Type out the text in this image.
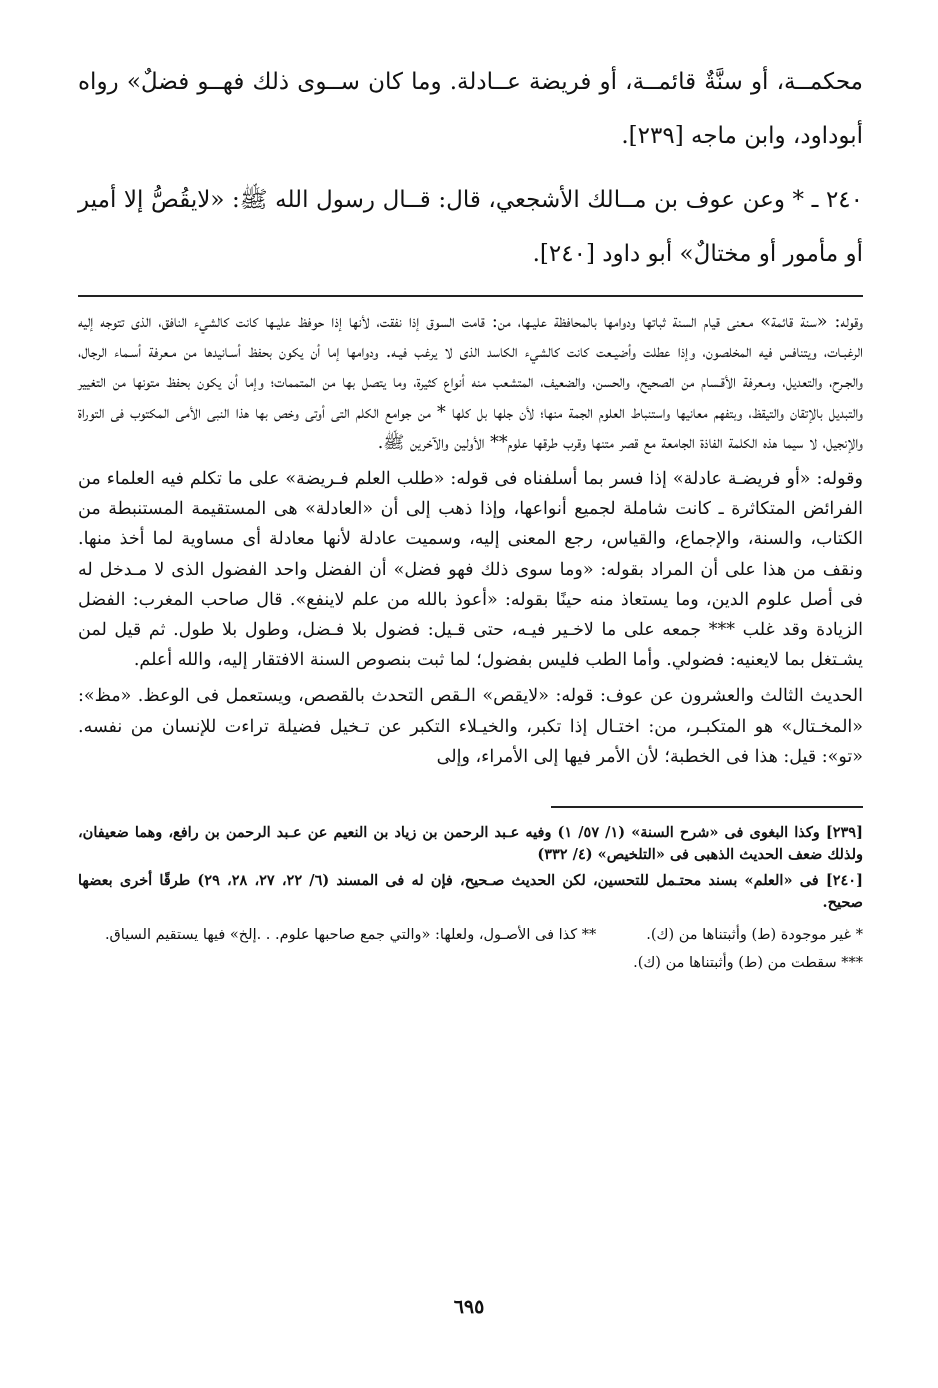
محكمــة، أو سنَّةٌ قائمــة، أو فريضة عــادلة. وما كان ســوى ذلك فهــو فضلٌ» رواه أبوداود، وابن ماجه [٢٣٩].

٢٤٠ ـ * وعن عوف بن مــالك الأشجعي، قال: قــال رسول الله ﷺ: «لايقُصُّ إلا أمير أو مأمور أو مختالٌ» أبو داود [٢٤٠].

وقوله: «سنة قائمة» مـعنى قيام السنة ثباتها ودوامها بالمحافظة عليـها، من: قامت السوق إذا نفقت، لأنها إذا حوفظ عليـها كانت كالشيء النافق، الذى تتوجه إليه الرغبـات، ويتنافس فيه المخلصون، وإذا عطلت وأضيـعت كانت كالشيء الكاسد الذى لا يرغب فيـه. ودوامها إما أن يكون بحفظ أسـانيدها من مـعرفة أسـماء الرجال، والجـرح، والتعديل، ومـعرفة الأقـسام من الصحيح، والحسن، والضعيف، المتشعب منه أنواع كثيرة، وما يتصل بها من المتممات؛ وإما أن يكون بحفظ متونها من التغيير والتبديل بالإتقان والتيقظ، وبتفهم معانيها واستنباط العلوم الجمة منها؛ لأن جلها بل كلها * من جوامع الكلم التى أوتى وخص بها هذا النبى الأمى المكتوب فى التوراة والإنجيل، لا سيما هذه الكلمة الفاذة الجامعة مع قصر متنها وقرب طرقها علوم** الأولين والآخرين ﷺ.

وقوله: «أو فريضـة عادلة» إذا فسر بما أسلفناه فى قوله: «طلب العلم فـريضة» على ما تكلم فيه العلماء من الفرائض المتكاثرة ـ كانت شاملة لجميع أنواعها، وإذا ذهب إلى أن «العادلة» هى المستقيمة المستنبطة من الكتاب، والسنة، والإجماع، والقياس، رجع المعنى إليه، وسميت عادلة لأنها معادلة أى مساوية لما أخذ منها. ونقف من هذا على أن المراد بقوله: «وما سوى ذلك فهو فضل» أن الفضل واحد الفضول الذى لا مـدخل له فى أصل علوم الدين، وما يستعاذ منه حينًا بقوله: «أعوذ بالله من علم لاينفع». قال صاحب المغرب: الفضل الزيادة وقد غلب *** جمعه على ما لاخـير فيـه، حتى قـيل: فضول بلا فـضل، وطول بلا طول. ثم قيل لمن يشـتغل بما لايعنيه: فضولي. وأما الطب فليس بفضول؛ لما ثبت بنصوص السنة الافتقار إليه، والله أعلم.

الحديث الثالث والعشرون عن عوف: قوله: «لايقص» الـقص التحدث بالقصص، ويستعمل فى الوعظ. «مظ»: «المخـتال» هو المتكبـر، من: اختـال إذا تكبر، والخيـلاء التكبر عن تـخيل فضيلة تراءت للإنسان من نفسه. «تو»: قيل: هذا فى الخطبة؛ لأن الأمر فيها إلى الأمراء، وإلى

[٢٣٩] وكذا البغوى فى «شرح السنة» (١/ ٥٧/ ١) وفيه عـبد الرحمن بن زياد بن النعيم عن عـبد الرحمن بن رافع، وهما ضعيفان، ولذلك ضعف الحديث الذهبى فى «التلخيص» (٤/ ٣٣٢)

[٢٤٠] فى «العلم» بسند محتـمل للتحسين، لكن الحديث صـحيح، فإن له فى المسند (٦/ ٢٢، ٢٧، ٢٨، ٢٩) طرقًا أخرى بعضها صحيح.

* غير موجودة (ط) وأثبتناها من (ك).** كذا فى الأصـول، ولعلها: «والتي جمع صاحبها علوم. . .إلخ» فيها يستقيم السياق.

*** سقطت من (ط) وأثبتناها من (ك).

٦٩٥
